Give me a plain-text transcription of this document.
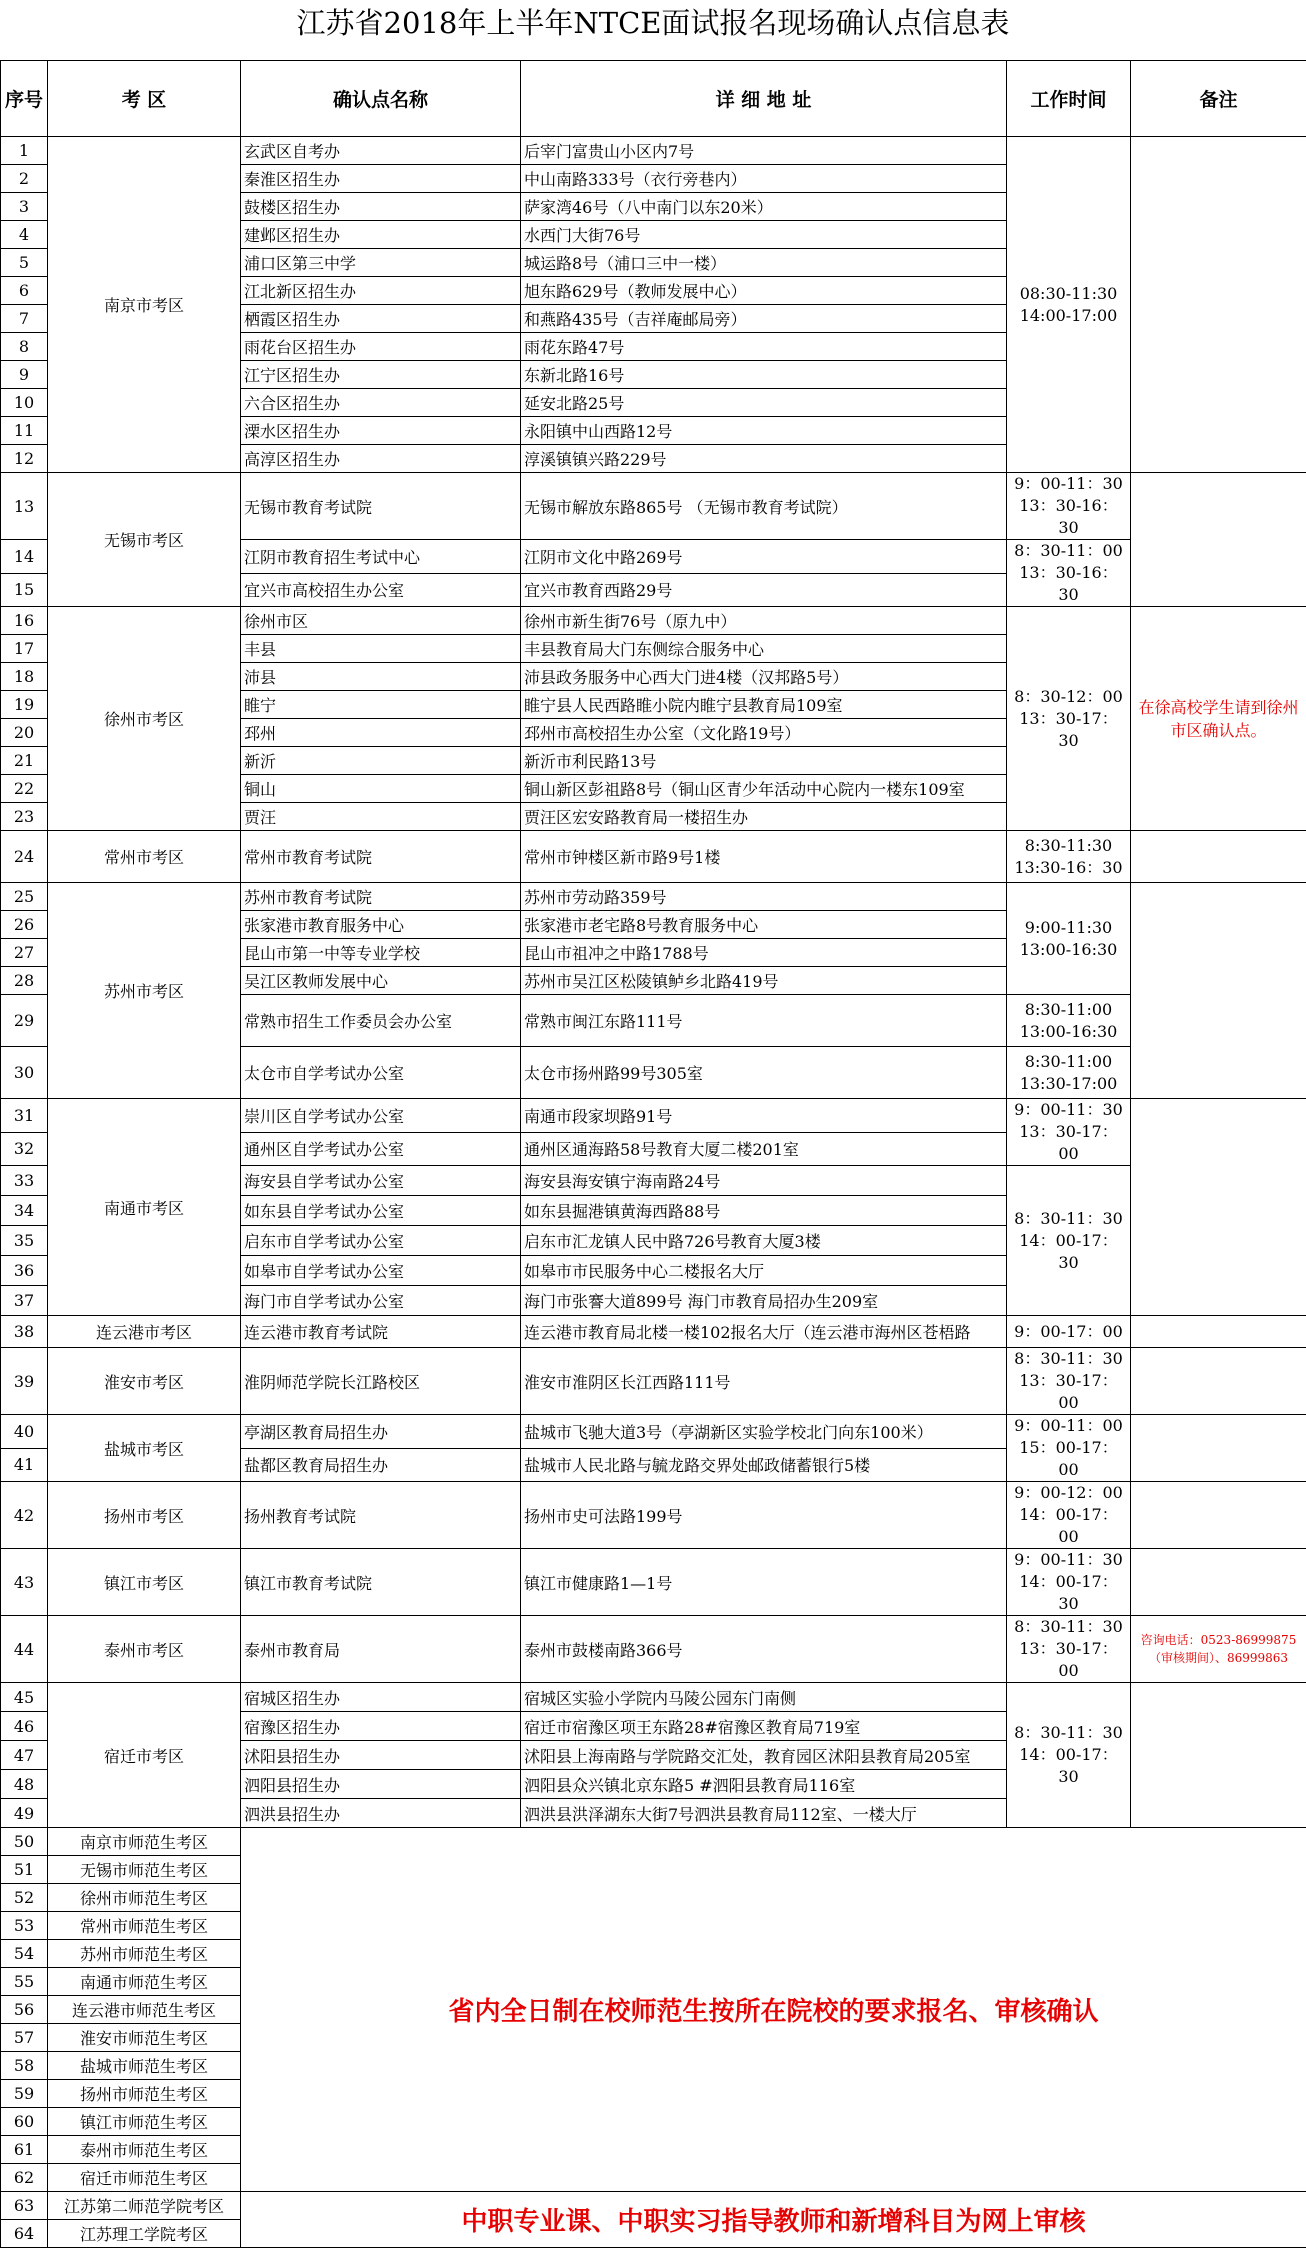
江苏省2018年上半年NTCE面试报名现场确认点信息表
序号	考 区	确认点名称	详 细 地 址	工作时间	备注
1	南京市考区	玄武区自考办	后宰门富贵山小区内7号	08:30-11:30 14:00-17:00	
2		秦淮区招生办	中山南路333号（衣行旁巷内）		
3		鼓楼区招生办	萨家湾46号（八中南门以东20米）		
4		建邺区招生办	水西门大街76号		
5		浦口区第三中学	城运路8号（浦口三中一楼）		
6		江北新区招生办	旭东路629号（教师发展中心）		
7		栖霞区招生办	和燕路435号（吉祥庵邮局旁）		
8		雨花台区招生办	雨花东路47号		
9		江宁区招生办	东新北路16号		
10		六合区招生办	延安北路25号		
11		溧水区招生办	永阳镇中山西路12号		
12		高淳区招生办	淳溪镇镇兴路229号		
13	无锡市考区	无锡市教育考试院	无锡市解放东路865号 （无锡市教育考试院）	9：00-11：30 13：30-16：30	
14		江阴市教育招生考试中心	江阴市文化中路269号	8：30-11：00 13：30-16：30	
15		宜兴市高校招生办公室	宜兴市教育西路29号		
16	徐州市考区	徐州市区	徐州市新生街76号（原九中）	8：30-12：00 13：30-17：30	在徐高校学生请到徐州市区确认点。
17		丰县	丰县教育局大门东侧综合服务中心		
18		沛县	沛县政务服务中心西大门进4楼（汉邦路5号）		
19		睢宁	睢宁县人民西路睢小院内睢宁县教育局109室		
20		邳州	邳州市高校招生办公室（文化路19号）		
21		新沂	新沂市利民路13号		
22		铜山	铜山新区彭祖路8号（铜山区青少年活动中心院内一楼东109室		
23		贾汪	贾汪区宏安路教育局一楼招生办		
24	常州市考区	常州市教育考试院	常州市钟楼区新市路9号1楼	8:30-11:30 13:30-16：30	
25	苏州市考区	苏州市教育考试院	苏州市劳动路359号	9:00-11:30 13:00-16:30	
26		张家港市教育服务中心	张家港市老宅路8号教育服务中心		
27		昆山市第一中等专业学校	昆山市祖冲之中路1788号		
28		吴江区教师发展中心	苏州市吴江区松陵镇鲈乡北路419号		
29		常熟市招生工作委员会办公室	常熟市闽江东路111号	8:30-11:00 13:00-16:30	
30		太仓市自学考试办公室	太仓市扬州路99号305室	8:30-11:00 13:30-17:00	
31	南通市考区	崇川区自学考试办公室	南通市段家坝路91号	9：00-11：30 13：30-17：00	
32		通州区自学考试办公室	通州区通海路58号教育大厦二楼201室		
33		海安县自学考试办公室	海安县海安镇宁海南路24号	8：30-11：30 14：00-17：30	
34		如东县自学考试办公室	如东县掘港镇黄海西路88号		
35		启东市自学考试办公室	启东市汇龙镇人民中路726号教育大厦3楼		
36		如皋市自学考试办公室	如皋市市民服务中心二楼报名大厅		
37		海门市自学考试办公室	海门市张謇大道899号 海门市教育局招办生209室		
38	连云港市考区	连云港市教育考试院	连云港市教育局北楼一楼102报名大厅（连云港市海州区苍梧路	9：00-17：00	
39	淮安市考区	淮阴师范学院长江路校区	淮安市淮阴区长江西路111号	8：30-11：30 13：30-17：00	
40	盐城市考区	亭湖区教育局招生办	盐城市飞驰大道3号（亭湖新区实验学校北门向东100米）	9：00-11：00 15：00-17：00	
41		盐都区教育局招生办	盐城市人民北路与毓龙路交界处邮政储蓄银行5楼		
42	扬州市考区	扬州教育考试院	扬州市史可法路199号	9：00-12：00 14：00-17：00	
43	镇江市考区	镇江市教育考试院	镇江市健康路1—1号	9：00-11：30 14：00-17：30	
44	泰州市考区	泰州市教育局	泰州市鼓楼南路366号	8：30-11：30 13：30-17：00	咨询电话：0523-86999875（审核期间）、86999863
45	宿迁市考区	宿城区招生办	宿城区实验小学院内马陵公园东门南侧	8：30-11：30 14：00-17：30	
46		宿豫区招生办	宿迁市宿豫区项王东路28#宿豫区教育局719室		
47		沭阳县招生办	沭阳县上海南路与学院路交汇处，教育园区沭阳县教育局205室		
48		泗阳县招生办	泗阳县众兴镇北京东路5 #泗阳县教育局116室		
49		泗洪县招生办	泗洪县洪泽湖东大街7号泗洪县教育局112室、一楼大厅		
50	南京市师范生考区	省内全日制在校师范生按所在院校的要求报名、审核确认			
51	无锡市师范生考区				
52	徐州市师范生考区				
53	常州市师范生考区				
54	苏州市师范生考区				
55	南通市师范生考区				
56	连云港市师范生考区				
57	淮安市师范生考区				
58	盐城市师范生考区				
59	扬州市师范生考区				
60	镇江市师范生考区				
61	泰州市师范生考区				
62	宿迁市师范生考区				
63	江苏第二师范学院考区	中职专业课、中职实习指导教师和新增科目为网上审核			
64	江苏理工学院考区				
